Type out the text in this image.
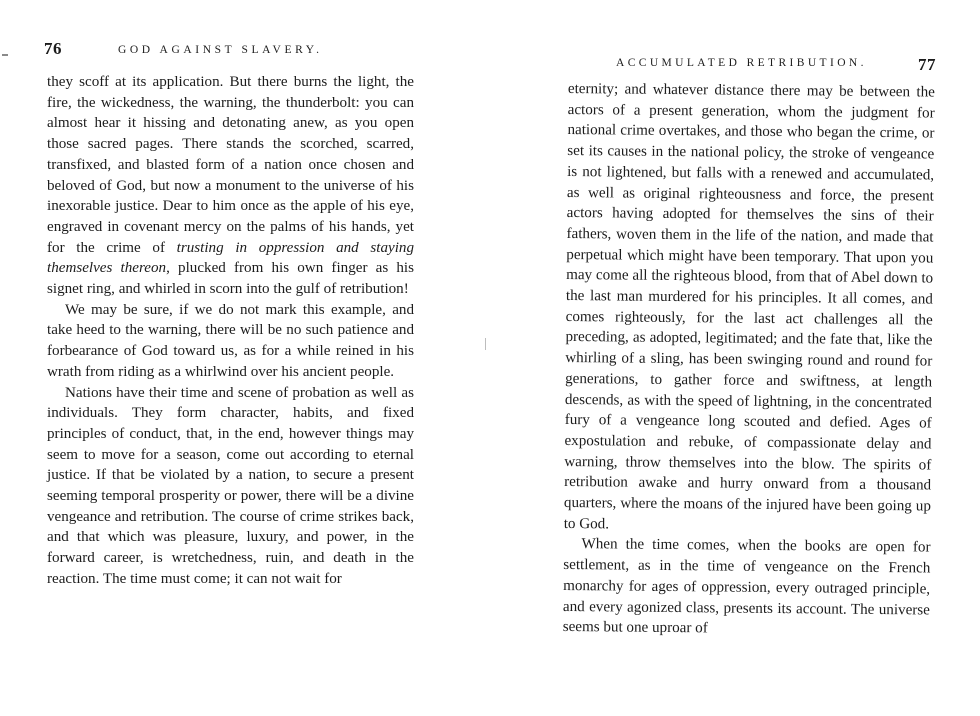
76	GOD AGAINST SLAVERY.

they scoff at its application. But there burns the light, the fire, the wickedness, the warning, the thunderbolt: you can almost hear it hissing and detonating anew, as you open those sacred pages. There stands the scorched, scarred, transfixed, and blasted form of a nation once chosen and beloved of God, but now a monument to the universe of his inexorable justice. Dear to him once as the apple of his eye, engraved in covenant mercy on the palms of his hands, yet for the crime of trusting in oppression and staying themselves thereon, plucked from his own finger as his signet ring, and whirled in scorn into the gulf of retribution!

We may be sure, if we do not mark this example, and take heed to the warning, there will be no such patience and forbearance of God toward us, as for a while reined in his wrath from riding as a whirlwind over his ancient people.

Nations have their time and scene of probation as well as individuals. They form character, habits, and fixed principles of conduct, that, in the end, however things may seem to move for a season, come out according to eternal justice. If that be violated by a nation, to secure a present seeming temporal prosperity or power, there will be a divine vengeance and retribution. The course of crime strikes back, and that which was pleasure, luxury, and power, in the forward career, is wretchedness, ruin, and death in the reaction. The time must come; it can not wait for

ACCUMULATED RETRIBUTION.	77

eternity; and whatever distance there may be between the actors of a present generation, whom the judgment for national crime overtakes, and those who began the crime, or set its causes in the national policy, the stroke of vengeance is not lightened, but falls with a renewed and accumulated, as well as original righteousness and force, the present actors having adopted for themselves the sins of their fathers, woven them in the life of the nation, and made that perpetual which might have been temporary. That upon you may come all the righteous blood, from that of Abel down to the last man murdered for his principles. It all comes, and comes righteously, for the last act challenges all the preceding, as adopted, legitimated; and the fate that, like the whirling of a sling, has been swinging round and round for generations, to gather force and swiftness, at length descends, as with the speed of lightning, in the concentrated fury of a vengeance long scouted and defied. Ages of expostulation and rebuke, of compassionate delay and warning, throw themselves into the blow. The spirits of retribution awake and hurry onward from a thousand quarters, where the moans of the injured have been going up to God.

When the time comes, when the books are open for settlement, as in the time of vengeance on the French monarchy for ages of oppression, every outraged principle, and every agonized class, presents its account. The universe seems but one uproar of
